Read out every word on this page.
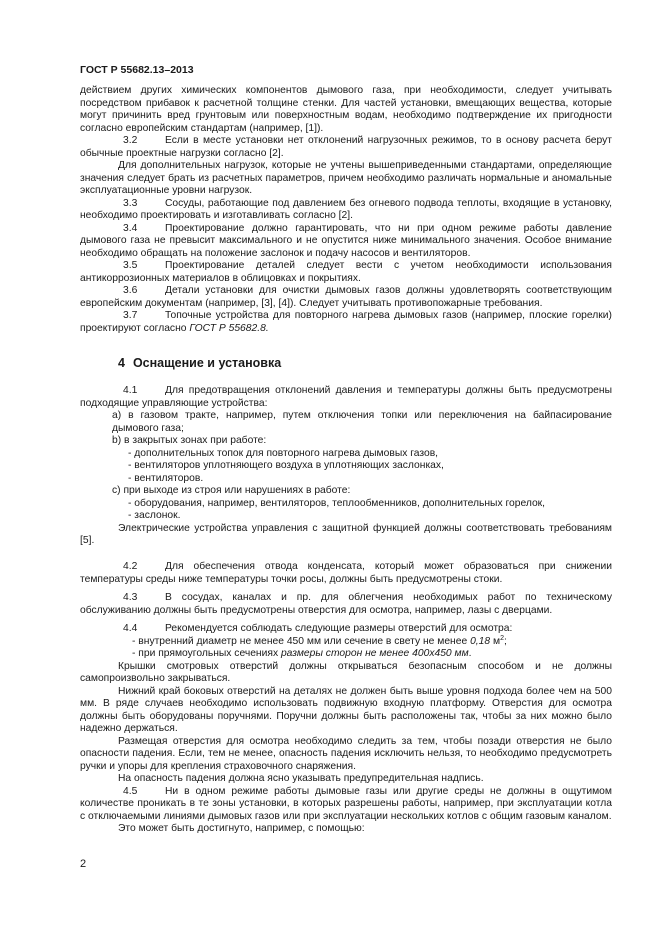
ГОСТ Р 55682.13–2013

действием других химических компонентов дымового газа, при необходимости, следует учитывать посредством прибавок к расчетной толщине стенки. Для частей установки, вмещающих вещества, которые могут причинить вред грунтовым или поверхностным водам, необходимо подтверждение их пригодности согласно европейским стандартам (например, [1]).

3.2	Если в месте установки нет отклонений нагрузочных режимов, то в основу расчета берут обычные проектные нагрузки согласно [2].

Для дополнительных нагрузок, которые не учтены вышеприведенными стандартами, определяющие значения следует брать из расчетных параметров, причем необходимо различать нормальные и аномальные эксплуатационные уровни нагрузок.

3.3	Сосуды, работающие под давлением без огневого подвода теплоты, входящие в установку, необходимо проектировать и изготавливать согласно [2].

3.4	Проектирование должно гарантировать, что ни при одном режиме работы давление дымового газа не превысит максимального и не опустится ниже минимального значения. Особое внимание необходимо обращать на положение заслонок и подачу насосов и вентиляторов.

3.5	Проектирование деталей следует вести с учетом необходимости использования антикоррозионных материалов в облицовках и покрытиях.

3.6	Детали установки для очистки дымовых газов должны удовлетворять соответствующим европейским документам (например, [3], [4]). Следует учитывать противопожарные требования.

3.7	Топочные устройства для повторного нагрева дымовых газов (например, плоские горелки) проектируют согласно ГОСТ Р 55682.8.

4 Оснащение и установка

4.1	Для предотвращения отклонений давления и температуры должны быть предусмотрены подходящие управляющие устройства:

a) в газовом тракте, например, путем отключения топки или переключения на байпасирование дымового газа;

b) в закрытых зонах при работе:

- дополнительных топок для повторного нагрева дымовых газов,

- вентиляторов уплотняющего воздуха в уплотняющих заслонках,

- вентиляторов.

c) при выходе из строя или нарушениях в работе:

- оборудования, например, вентиляторов, теплообменников, дополнительных горелок,

- заслонок.

Электрические устройства управления с защитной функцией должны соответствовать требованиям [5].

4.2	Для обеспечения отвода конденсата, который может образоваться при снижении температуры среды ниже температуры точки росы, должны быть предусмотрены стоки.

4.3	В сосудах, каналах и пр. для облегчения необходимых работ по техническому обслуживанию должны быть предусмотрены отверстия для осмотра, например, лазы с дверцами.

4.4	Рекомендуется соблюдать следующие размеры отверстий для осмотра:

- внутренний диаметр не менее 450 мм или сечение в свету не менее 0,18 $м^2$;

- при прямоугольных сечениях размеры сторон не менее 400x450 мм.

Крышки смотровых отверстий должны открываться безопасным способом и не должны самопроизвольно закрываться.

Нижний край боковых отверстий на деталях не должен быть выше уровня подхода более чем на 500 мм. В ряде случаев необходимо использовать подвижную входную платформу. Отверстия для осмотра должны быть оборудованы поручнями. Поручни должны быть расположены так, чтобы за них можно было надежно держаться.

Размещая отверстия для осмотра необходимо следить за тем, чтобы позади отверстия не было опасности падения. Если, тем не менее, опасность падения исключить нельзя, то необходимо предусмотреть ручки и упоры для крепления страховочного снаряжения.

На опасность падения должна ясно указывать предупредительная надпись.

4.5	Ни в одном режиме работы дымовые газы или другие среды не должны в ощутимом количестве проникать в те зоны установки, в которых разрешены работы, например, при эксплуатации котла с отключаемыми линиями дымовых газов или при эксплуатации нескольких котлов с общим газовым каналом.

Это может быть достигнуто, например, с помощью:

2
